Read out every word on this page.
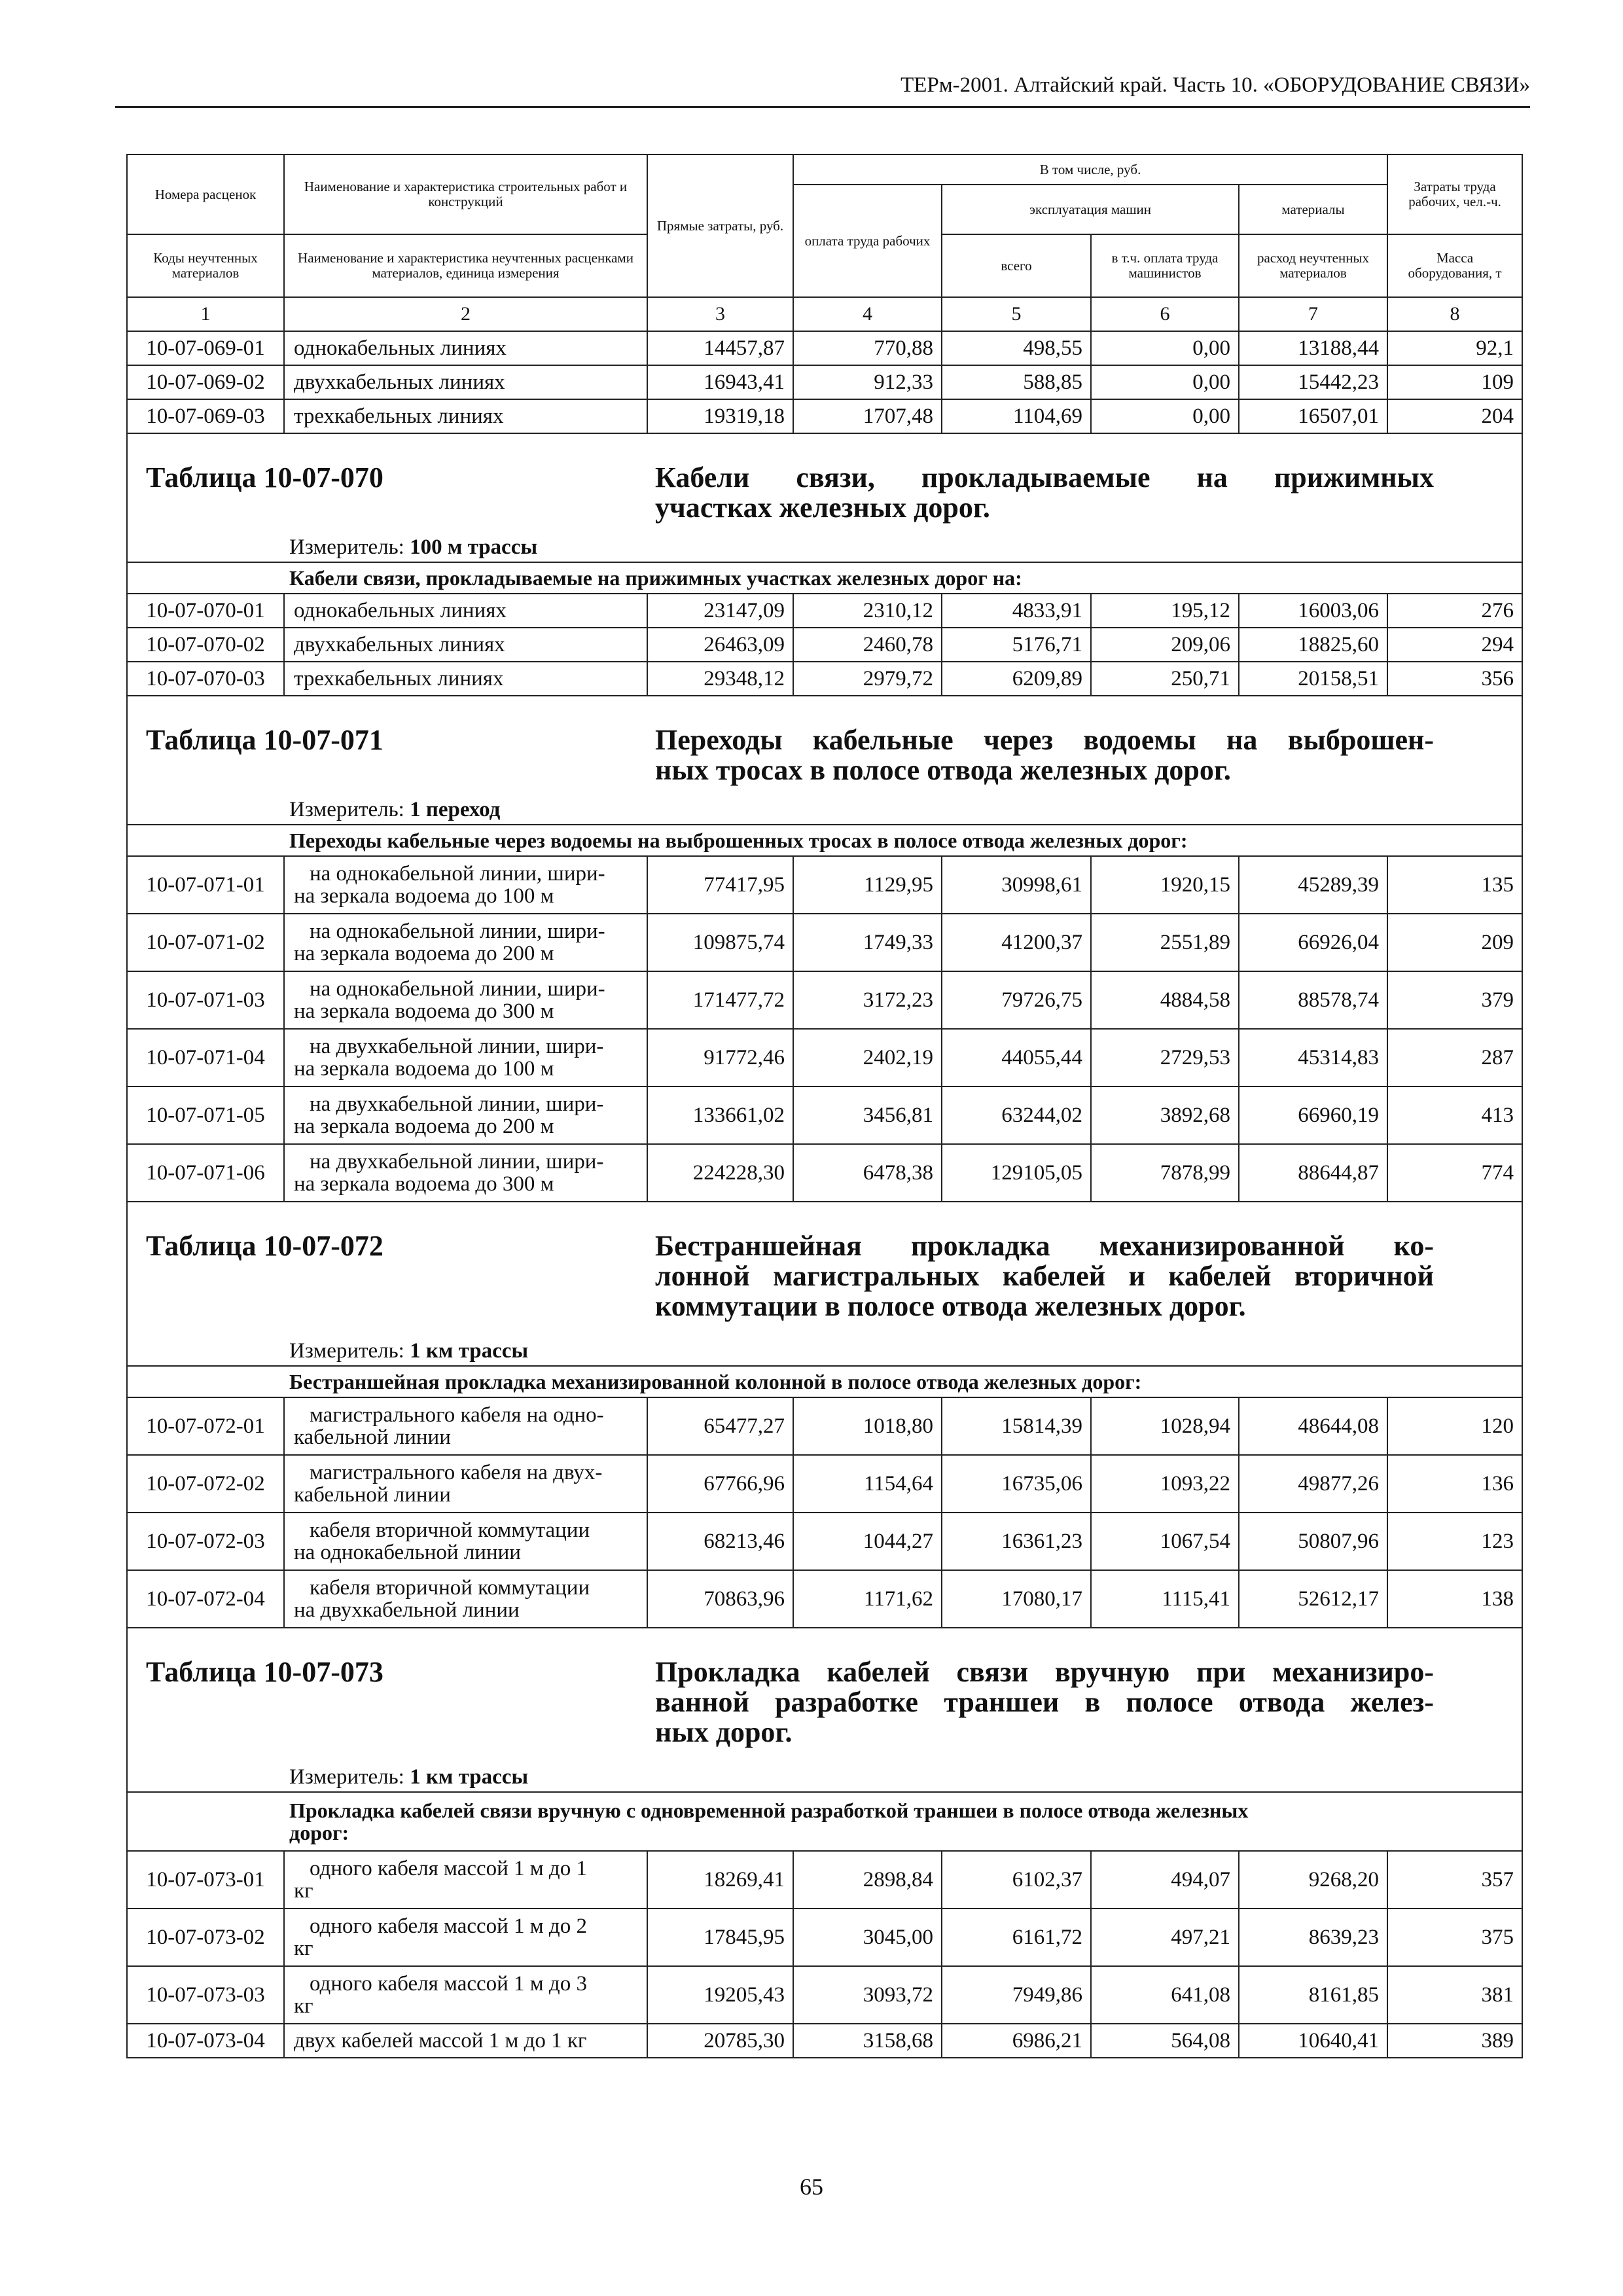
ТЕРм-2001. Алтайский край. Часть 10. «ОБОРУДОВАНИЕ СВЯЗИ»
Номера расценок	Наименование и характеристика строительных работ и конструкций	Прямые затраты, руб.	В том числе, руб.				Затраты труда рабочих, чел.-ч.
			оплата труда рабочих	эксплуатация машин		материалы	
Коды неучтенных материалов	Наименование и характеристика неучтенных расценками материалов, единица измерения			всего	в т.ч. оплата труда машинистов	расход неучтенных материалов	Масса оборудования, т
1	2	3	4	5	6	7	8
10-07-069-01	однокабельных линиях	14457,87	770,88	498,55	0,00	13188,44	92,1
10-07-069-02	двухкабельных линиях	16943,41	912,33	588,85	0,00	15442,23	109
10-07-069-03	трехкабельных линиях	19319,18	1707,48	1104,69	0,00	16507,01	204

Таблица 10-07-070 Кабели связи, прокладываемые на прижимных
участках железных дорог.							

Измеритель: 100 м трассы							
Кабели связи, прокладываемые на прижимных участках железных дорог на:							
10-07-070-01	однокабельных линиях	23147,09	2310,12	4833,91	195,12	16003,06	276
10-07-070-02	двухкабельных линиях	26463,09	2460,78	5176,71	209,06	18825,60	294
10-07-070-03	трехкабельных линиях	29348,12	2979,72	6209,89	250,71	20158,51	356

Таблица 10-07-071 Переходы кабельные через водоемы на выброшен-
ных тросах в полосе отвода железных дорог.							

Измеритель: 1 переход							
Переходы кабельные через водоемы на выброшенных тросах в полосе отвода железных дорог:							
10-07-071-01	на однокабельной линии, шири-
на зеркала водоема до 100 м	77417,95	1129,95	30998,61	1920,15	45289,39	135
10-07-071-02	на однокабельной линии, шири-
на зеркала водоема до 200 м	109875,74	1749,33	41200,37	2551,89	66926,04	209
10-07-071-03	на однокабельной линии, шири-
на зеркала водоема до 300 м	171477,72	3172,23	79726,75	4884,58	88578,74	379
10-07-071-04	на двухкабельной линии, шири-
на зеркала водоема до 100 м	91772,46	2402,19	44055,44	2729,53	45314,83	287
10-07-071-05	на двухкабельной линии, шири-
на зеркала водоема до 200 м	133661,02	3456,81	63244,02	3892,68	66960,19	413
10-07-071-06	на двухкабельной линии, шири-
на зеркала водоема до 300 м	224228,30	6478,38	129105,05	7878,99	88644,87	774

Таблица 10-07-072 Бестраншейная прокладка механизированной ко-
лонной магистральных кабелей и кабелей вторичной
коммутации в полосе отвода железных дорог.							

Измеритель: 1 км трассы							
Бестраншейная прокладка механизированной колонной в полосе отвода железных дорог:							
10-07-072-01	магистрального кабеля на одно-
кабельной линии	65477,27	1018,80	15814,39	1028,94	48644,08	120
10-07-072-02	магистрального кабеля на двух-
кабельной линии	67766,96	1154,64	16735,06	1093,22	49877,26	136
10-07-072-03	кабеля вторичной коммутации
на однокабельной линии	68213,46	1044,27	16361,23	1067,54	50807,96	123
10-07-072-04	кабеля вторичной коммутации
на двухкабельной линии	70863,96	1171,62	17080,17	1115,41	52612,17	138

Таблица 10-07-073 Прокладка кабелей связи вручную при механизиро-
ванной разработке траншеи в полосе отвода желез-
ных дорог.							

Измеритель: 1 км трассы							

Прокладка кабелей связи вручную с одновременной разработкой траншеи в полосе отвода железных
дорог:							

10-07-073-01	одного кабеля массой 1 м до 1
кг	18269,41	2898,84	6102,37	494,07	9268,20	357
10-07-073-02	одного кабеля массой 1 м до 2
кг	17845,95	3045,00	6161,72	497,21	8639,23	375
10-07-073-03	одного кабеля массой 1 м до 3
кг	19205,43	3093,72	7949,86	641,08	8161,85	381
10-07-073-04	двух кабелей массой 1 м до 1 кг	20785,30	3158,68	6986,21	564,08	10640,41	389
65
